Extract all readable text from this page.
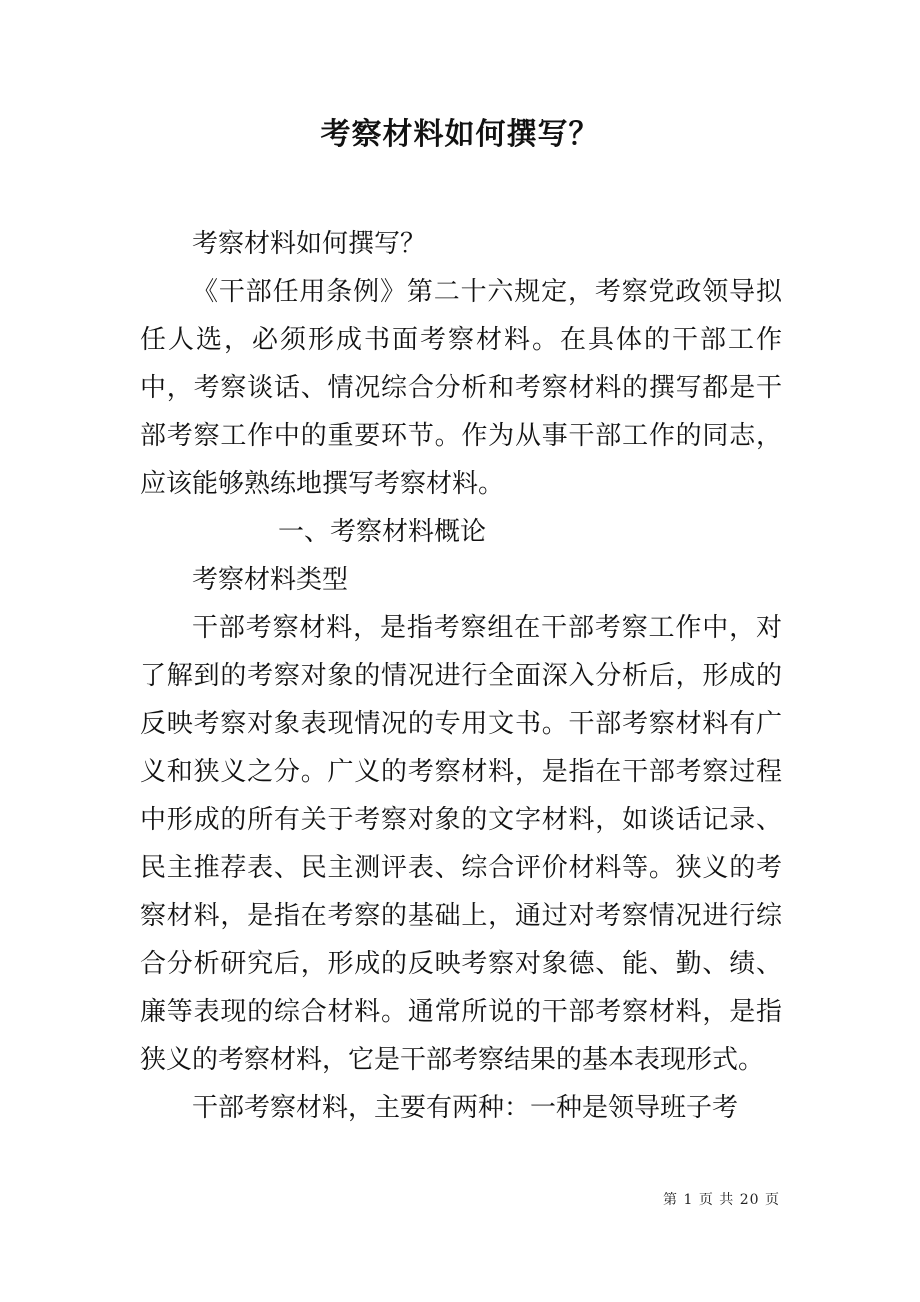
考察材料如何撰写？

考察材料如何撰写？

《干部任用条例》第二十六规定，考察党政领导拟任人选，必须形成书面考察材料。在具体的干部工作中，考察谈话、情况综合分析和考察材料的撰写都是干部考察工作中的重要环节。作为从事干部工作的同志，应该能够熟练地撰写考察材料。

一、考察材料概论

考察材料类型

干部考察材料，是指考察组在干部考察工作中，对了解到的考察对象的情况进行全面深入分析后，形成的反映考察对象表现情况的专用文书。干部考察材料有广义和狭义之分。广义的考察材料，是指在干部考察过程中形成的所有关于考察对象的文字材料，如谈话记录、民主推荐表、民主测评表、综合评价材料等。狭义的考察材料，是指在考察的基础上，通过对考察情况进行综合分析研究后，形成的反映考察对象德、能、勤、绩、廉等表现的综合材料。通常所说的干部考察材料，是指狭义的考察材料，它是干部考察结果的基本表现形式。

干部考察材料，主要有两种：一种是领导班子考

第 1 页 共 20 页
